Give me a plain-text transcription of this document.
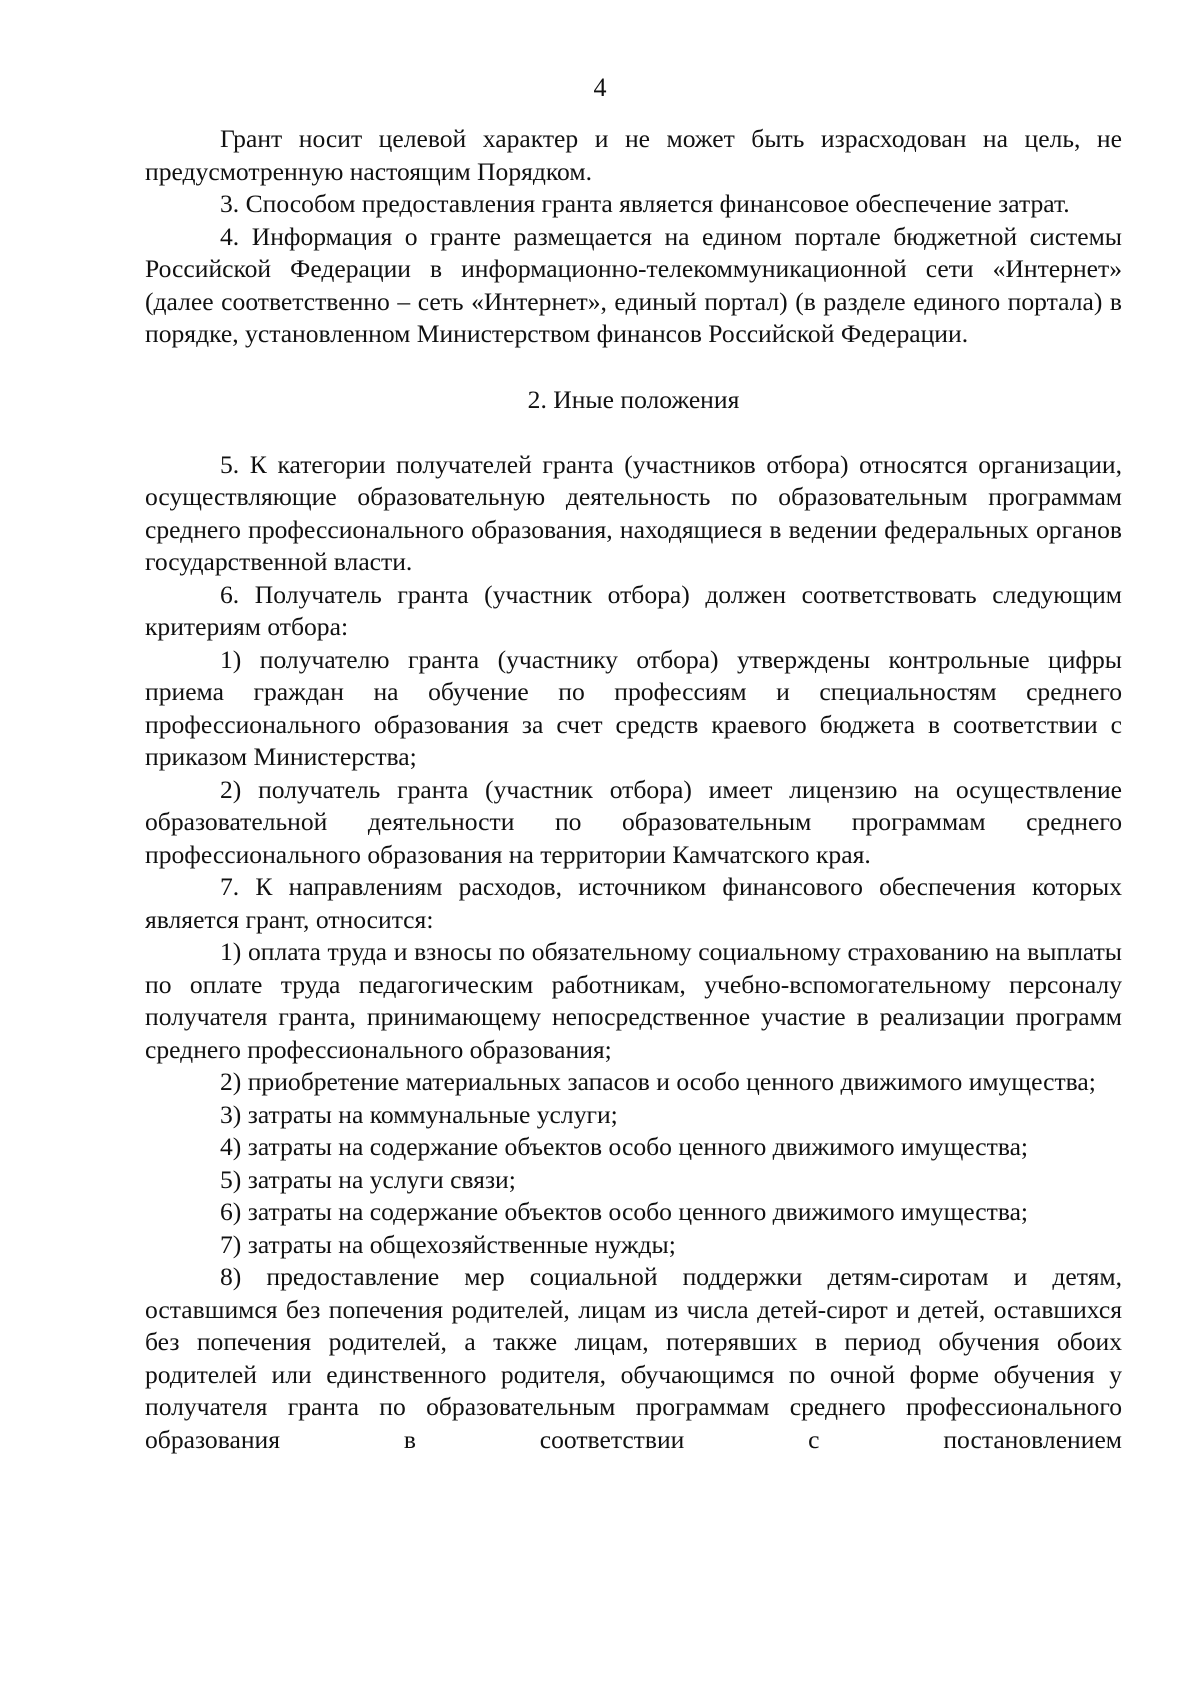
4

Грант носит целевой характер и не может быть израсходован на цель, не предусмотренную настоящим Порядком.

3. Способом предоставления гранта является финансовое обеспечение затрат.

4. Информация о гранте размещается на едином портале бюджетной системы Российской Федерации в информационно-телекоммуникационной сети «Интернет» (далее соответственно – сеть «Интернет», единый портал) (в разделе единого портала) в порядке, установленном Министерством финансов Российской Федерации.

2. Иные положения

5. К категории получателей гранта (участников отбора) относятся организации, осуществляющие образовательную деятельность по образовательным программам среднего профессионального образования, находящиеся в ведении федеральных органов государственной власти.

6. Получатель гранта (участник отбора) должен соответствовать следующим критериям отбора:

1) получателю гранта (участнику отбора) утверждены контрольные цифры приема граждан на обучение по профессиям и специальностям среднего профессионального образования за счет средств краевого бюджета в соответствии с приказом Министерства;

2) получатель гранта (участник отбора) имеет лицензию на осуществление образовательной деятельности по образовательным программам среднего профессионального образования на территории Камчатского края.

7. К направлениям расходов, источником финансового обеспечения которых является грант, относится:

1) оплата труда и взносы по обязательному социальному страхованию на выплаты по оплате труда педагогическим работникам, учебно-вспомогательному персоналу получателя гранта, принимающему непосредственное участие в реализации программ среднего профессионального образования;

2) приобретение материальных запасов и особо ценного движимого имущества;

3) затраты на коммунальные услуги;

4) затраты на содержание объектов особо ценного движимого имущества;

5) затраты на услуги связи;

6) затраты на содержание объектов особо ценного движимого имущества;

7) затраты на общехозяйственные нужды;

8) предоставление мер социальной поддержки детям-сиротам и детям, оставшимся без попечения родителей, лицам из числа детей-сирот и детей, оставшихся без попечения родителей, а также лицам, потерявших в период обучения обоих родителей или единственного родителя, обучающимся по очной форме обучения у получателя гранта по образовательным программам среднего профессионального образования в соответствии с постановлением
